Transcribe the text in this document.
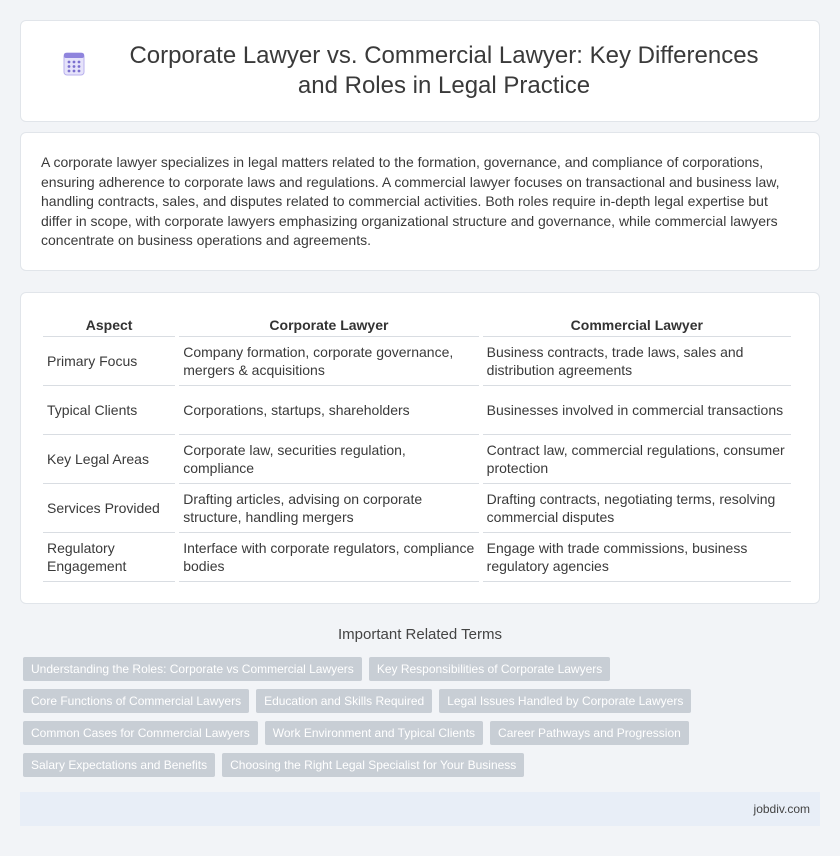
Corporate Lawyer vs. Commercial Lawyer: Key Differences and Roles in Legal Practice

A corporate lawyer specializes in legal matters related to the formation, governance, and compliance of corporations, ensuring adherence to corporate laws and regulations. A commercial lawyer focuses on transactional and business law, handling contracts, sales, and disputes related to commercial activities. Both roles require in-depth legal expertise but differ in scope, with corporate lawyers emphasizing organizational structure and governance, while commercial lawyers concentrate on business operations and agreements.

Aspect	Corporate Lawyer	Commercial Lawyer
Primary Focus	Company formation, corporate governance, mergers & acquisitions	Business contracts, trade laws, sales and distribution agreements
Typical Clients	Corporations, startups, shareholders	Businesses involved in commercial transactions
Key Legal Areas	Corporate law, securities regulation, compliance	Contract law, commercial regulations, consumer protection
Services Provided	Drafting articles, advising on corporate structure, handling mergers	Drafting contracts, negotiating terms, resolving commercial disputes
Regulatory Engagement	Interface with corporate regulators, compliance bodies	Engage with trade commissions, business regulatory agencies
Important Related Terms
Understanding the Roles: Corporate vs Commercial Lawyers	Key Responsibilities of Corporate Lawyers
Core Functions of Commercial Lawyers	Education and Skills Required	Legal Issues Handled by Corporate Lawyers
Common Cases for Commercial Lawyers	Work Environment and Typical Clients	Career Pathways and Progression
Salary Expectations and Benefits	Choosing the Right Legal Specialist for Your Business
jobdiv.com
